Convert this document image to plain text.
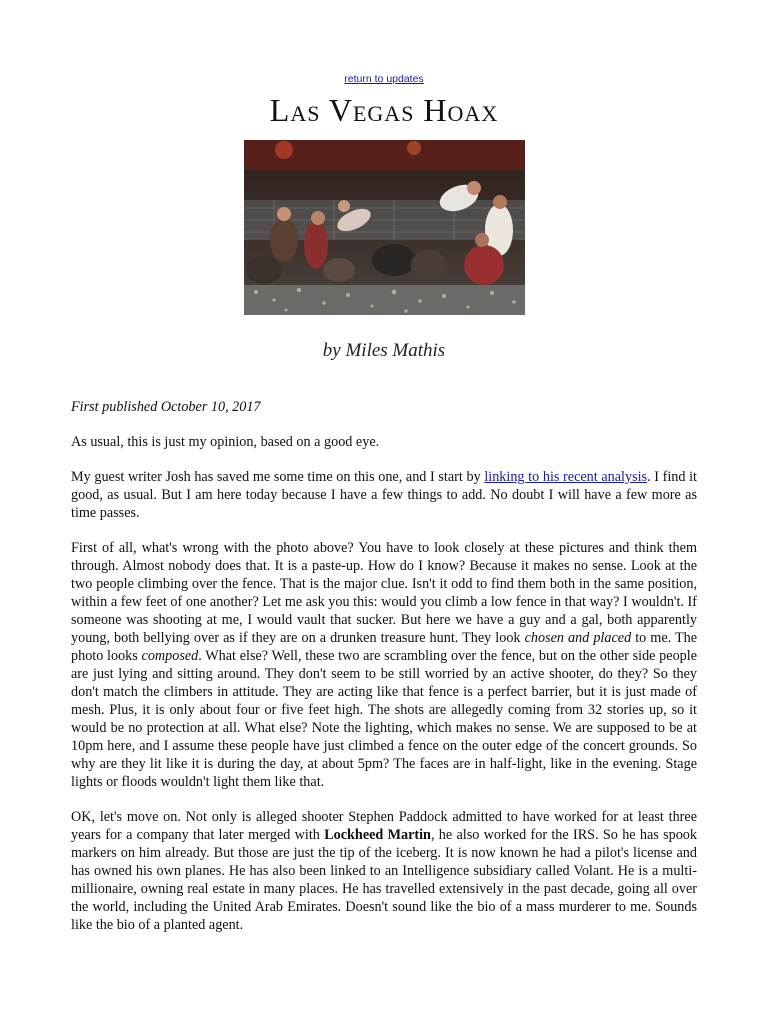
return to updates
Las Vegas Hoax
by Miles Mathis

First published October 10, 2017

As usual, this is just my opinion, based on a good eye.

My guest writer Josh has saved me some time on this one, and I start by linking to his recent analysis. I find it good, as usual. But I am here today because I have a few things to add. No doubt I will have a few more as time passes.

First of all, what's wrong with the photo above? You have to look closely at these pictures and think them through. Almost nobody does that. It is a paste-up. How do I know? Because it makes no sense. Look at the two people climbing over the fence. That is the major clue. Isn't it odd to find them both in the same position, within a few feet of one another? Let me ask you this: would you climb a low fence in that way? I wouldn't. If someone was shooting at me, I would vault that sucker. But here we have a guy and a gal, both apparently young, both bellying over as if they are on a drunken treasure hunt. They look chosen and placed to me. The photo looks composed. What else? Well, these two are scrambling over the fence, but on the other side people are just lying and sitting around. They don't seem to be still worried by an active shooter, do they? So they don't match the climbers in attitude. They are acting like that fence is a perfect barrier, but it is just made of mesh. Plus, it is only about four or five feet high. The shots are allegedly coming from 32 stories up, so it would be no protection at all. What else? Note the lighting, which makes no sense. We are supposed to be at 10pm here, and I assume these people have just climbed a fence on the outer edge of the concert grounds. So why are they lit like it is during the day, at about 5pm? The faces are in half-light, like in the evening. Stage lights or floods wouldn't light them like that.

OK, let's move on. Not only is alleged shooter Stephen Paddock admitted to have worked for at least three years for a company that later merged with Lockheed Martin, he also worked for the IRS. So he has spook markers on him already. But those are just the tip of the iceberg. It is now known he had a pilot's license and has owned his own planes. He has also been linked to an Intelligence subsidiary called Volant. He is a multi-millionaire, owning real estate in many places. He has travelled extensively in the past decade, going all over the world, including the United Arab Emirates. Doesn't sound like the bio of a mass murderer to me. Sounds like the bio of a planted agent.
